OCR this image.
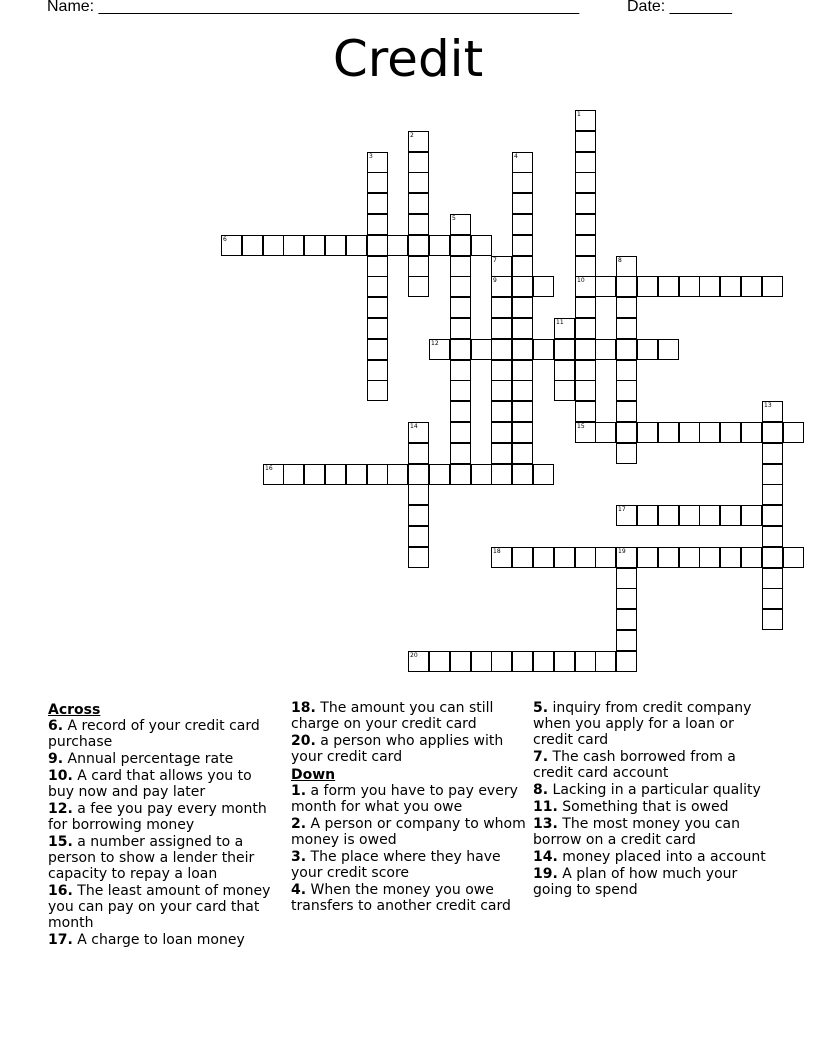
Name: ______________________________________________________	Date: _______
Credit
1
10
2
3	4
5
6
7
9
8
11
12
13
14	15
16
17
18	19
20
Across
6. A record of your credit card purchase
9. Annual percentage rate
10. A card that allows you to buy now and pay later
12. a fee you pay every month for borrowing money
15. a number assigned to a person to show a lender their capacity to repay a loan
16. The least amount of money you can pay on your card that month
17. A charge to loan money
18. The amount you can still charge on your credit card
20. a person who applies with your credit card
Down
1. a form you have to pay every month for what you owe
2. A person or company to whom money is owed
3. The place where they have your credit score
4. When the money you owe transfers to another credit card
5. inquiry from credit company when you apply for a loan or credit card
7. The cash borrowed from a credit card account
8. Lacking in a particular quality
11. Something that is owed
13. The most money you can borrow on a credit card
14. money placed into a account
19. A plan of how much your going to spend
